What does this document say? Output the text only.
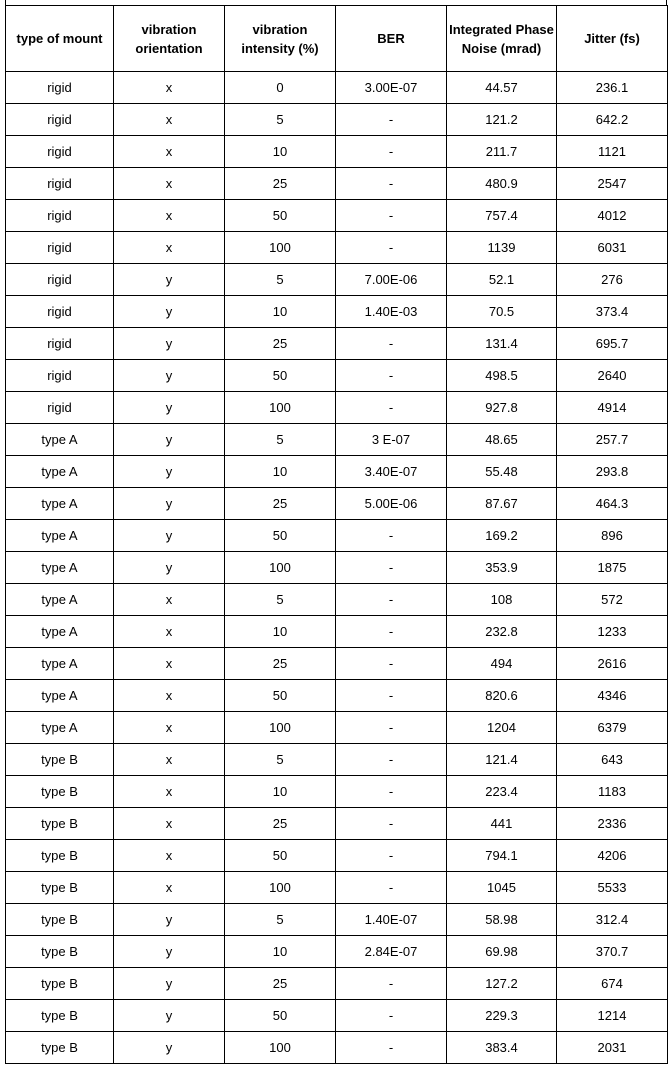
type of mount	vibration orientation	vibration intensity (%)	BER	Integrated Phase Noise (mrad)	Jitter (fs)
rigid	x	0	3.00E-07	44.57	236.1
rigid	x	5	-	121.2	642.2
rigid	x	10	-	211.7	1121
rigid	x	25	-	480.9	2547
rigid	x	50	-	757.4	4012
rigid	x	100	-	1139	6031
rigid	y	5	7.00E-06	52.1	276
rigid	y	10	1.40E-03	70.5	373.4
rigid	y	25	-	131.4	695.7
rigid	y	50	-	498.5	2640
rigid	y	100	-	927.8	4914
type A	y	5	3 E-07	48.65	257.7
type A	y	10	3.40E-07	55.48	293.8
type A	y	25	5.00E-06	87.67	464.3
type A	y	50	-	169.2	896
type A	y	100	-	353.9	1875
type A	x	5	-	108	572
type A	x	10	-	232.8	1233
type A	x	25	-	494	2616
type A	x	50	-	820.6	4346
type A	x	100	-	1204	6379
type B	x	5	-	121.4	643
type B	x	10	-	223.4	1183
type B	x	25	-	441	2336
type B	x	50	-	794.1	4206
type B	x	100	-	1045	5533
type B	y	5	1.40E-07	58.98	312.4
type B	y	10	2.84E-07	69.98	370.7
type B	y	25	-	127.2	674
type B	y	50	-	229.3	1214
type B	y	100	-	383.4	2031
